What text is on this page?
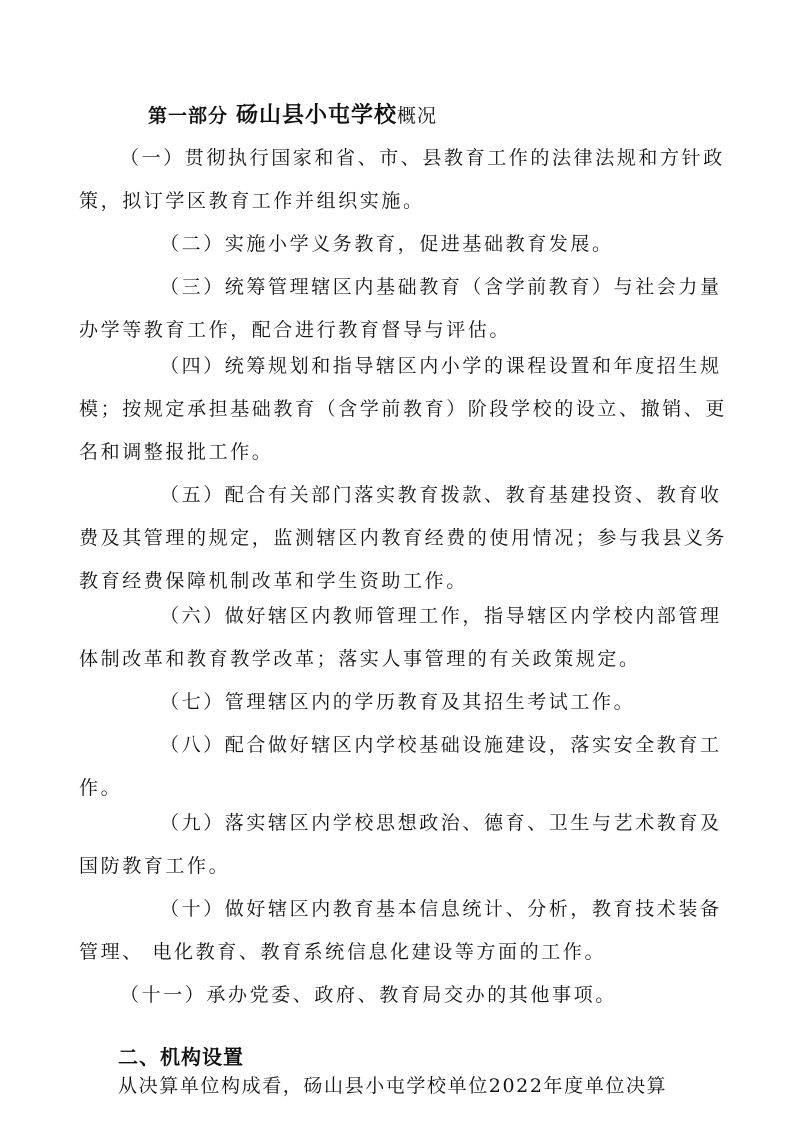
第一部分 砀山县小屯学校概况
（一）贯彻执行国家和省、市、县教育工作的法律法规和方针政
策，拟订学区教育工作并组织实施。
（二）实施小学义务教育，促进基础教育发展。
（三）统筹管理辖区内基础教育（含学前教育）与社会力量
办学等教育工作，配合进行教育督导与评估。
（四）统筹规划和指导辖区内小学的课程设置和年度招生规
模；按规定承担基础教育（含学前教育）阶段学校的设立、撤销、更
名和调整报批工作。
（五）配合有关部门落实教育拨款、教育基建投资、教育收
费及其管理的规定，监测辖区内教育经费的使用情况；参与我县义务
教育经费保障机制改革和学生资助工作。
（六）做好辖区内教师管理工作，指导辖区内学校内部管理
体制改革和教育教学改革；落实人事管理的有关政策规定。
（七）管理辖区内的学历教育及其招生考试工作。
（八）配合做好辖区内学校基础设施建设，落实安全教育工
作。
（九）落实辖区内学校思想政治、德育、卫生与艺术教育及
国防教育工作。
（十）做好辖区内教育基本信息统计、分析，教育技术装备
管理、 电化教育、教育系统信息化建设等方面的工作。
（十一）承办党委、政府、教育局交办的其他事项。
二、机构设置
从决算单位构成看，砀山县小屯学校单位2022年度单位决算
